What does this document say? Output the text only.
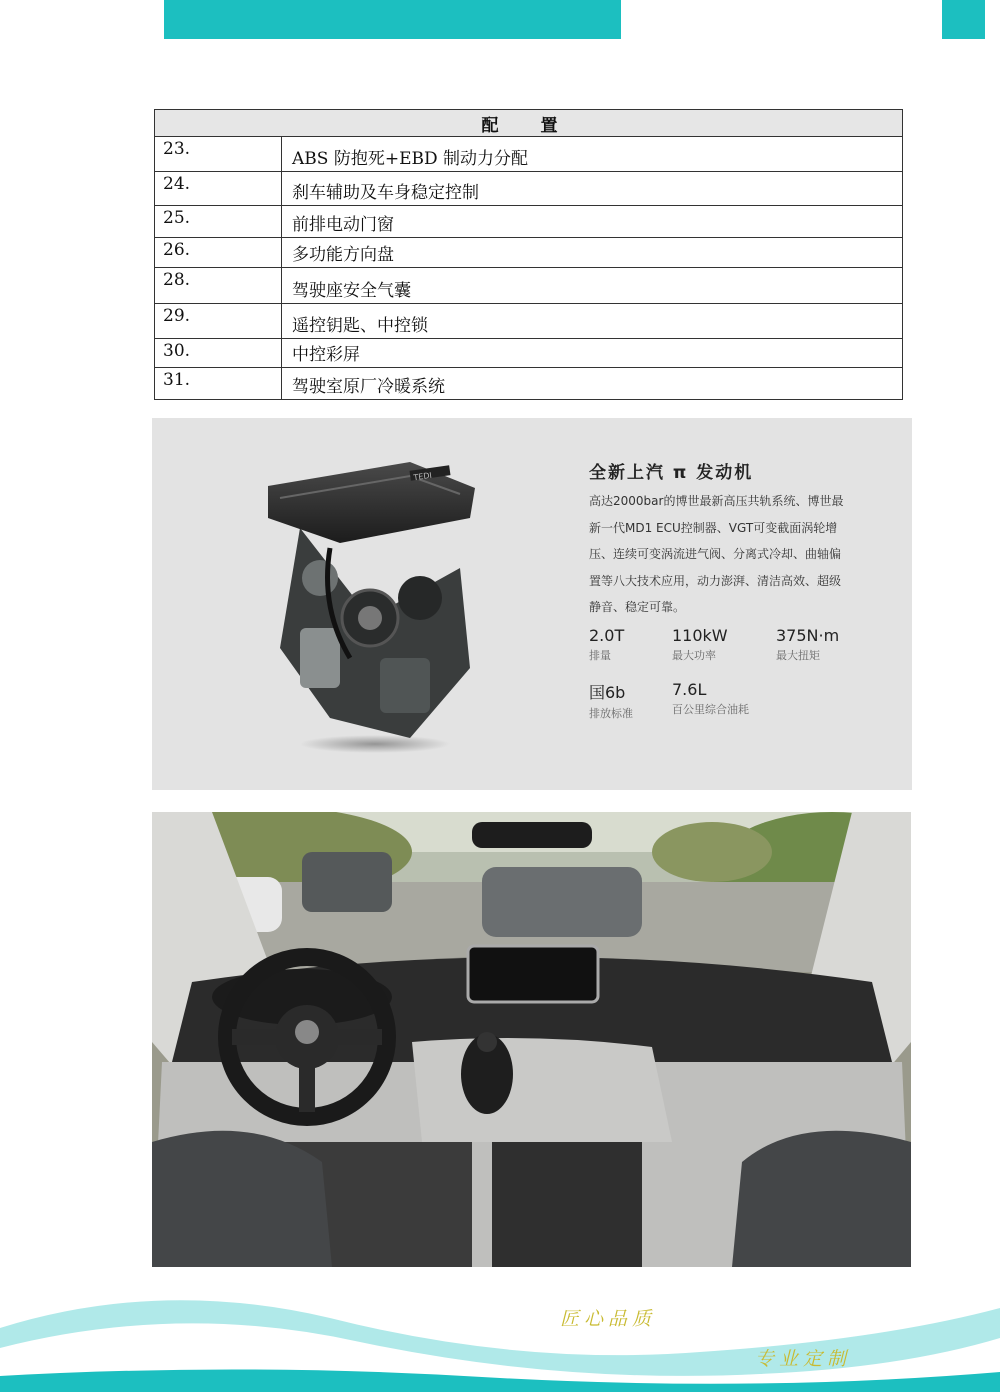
配 置	
23.	ABS 防抱死+EBD 制动力分配
24.	刹车辅助及车身稳定控制
25.	前排电动门窗
26.	多功能方向盘
28.	驾驶座安全气囊
29.	遥控钥匙、中控锁
30.	中控彩屏
31.	驾驶室原厂冷暖系统
TEDI	全新上汽 π 发动机
高达2000bar的博世最新高压共轨系统、博世最新一代MD1 ECU控制器、VGT可变截面涡轮增压、连续可变涡流进气阀、分离式冷却、曲轴偏置等八大技术应用，动力澎湃、清洁高效、超级静音、稳定可靠。
2.0T
排量
110kW
最大功率
375N·m
最大扭矩
国6b
排放标准
7.6L
百公里综合油耗
匠心品质
专业定制
